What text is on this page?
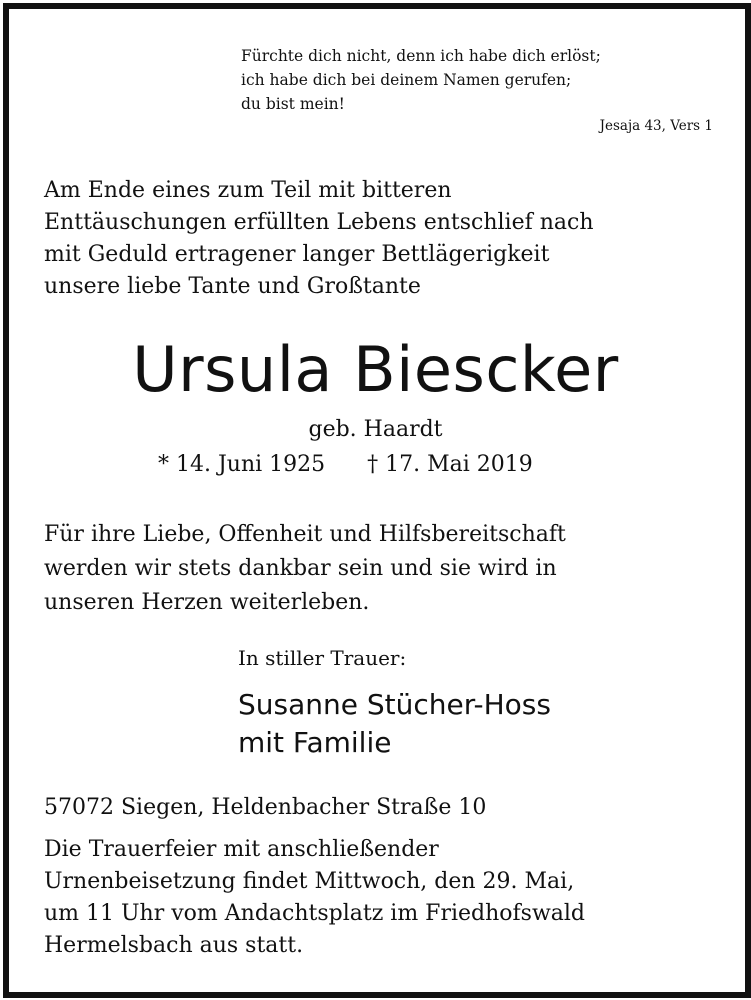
Fürchte dich nicht, denn ich habe dich erlöst;
ich habe dich bei deinem Namen gerufen;
du bist mein!
Jesaja 43, Vers 1
Am Ende eines zum Teil mit bitteren
Enttäuschungen erfüllten Lebens entschlief nach
mit Geduld ertragener langer Bettlägerigkeit
unsere liebe Tante und Großtante
Ursula Biescker
geb. Haardt
* 14. Juni 1925 † 17. Mai 2019
Für ihre Liebe, Offenheit und Hilfsbereitschaft
werden wir stets dankbar sein und sie wird in
unseren Herzen weiterleben.
In stiller Trauer:
Susanne Stücher-Hoss
mit Familie
57072 Siegen, Heldenbacher Straße 10
Die Trauerfeier mit anschließender
Urnenbeisetzung findet Mittwoch, den 29. Mai,
um 11 Uhr vom Andachtsplatz im Friedhofswald
Hermelsbach aus statt.
